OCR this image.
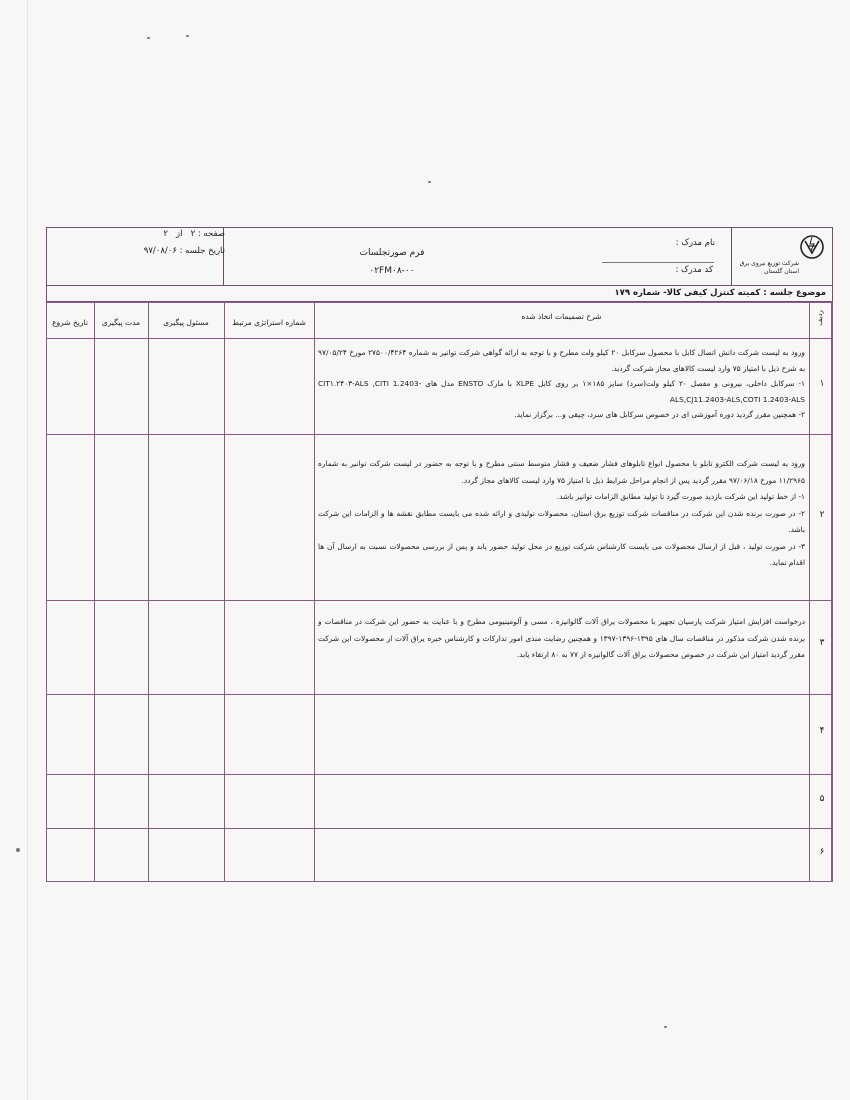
شرکت توزیع نیروی برق استان گلستان
نام مدرک :
کد مدرک :
فرم صورتجلسات
۰۲FM۰۸-۰۰
صفحه : ۲   از   ۲
تاریخ جلسه : ۹۷/۰۸/۰۶
موضوع جلسه : کمیته کنترل کیفی کالا- شماره ۱۷۹
ردیف
شرح تصمیمات اتخاذ شده
شماره استراتژی مرتبط
مسئول پیگیری
مدت پیگیری
تاریخ شروع
۱

ورود به لیست شرکت دانش اتصال کابل با محصول سرکابل ۲۰ کیلو ولت مطرح و با توجه به ارائه گواهی شرکت توانیر به شماره ۲۷۵۰۰/۴۲۶۴ مورخ ۹۷/۰۵/۲۴ به شرح ذیل با امتیاز ۷۵ وارد لیست کالاهای مجاز شرکت گردید.

۱- سرکابل داخلی، بیرونی و مفصل ۲۰ کیلو ولت(سرد) سایز ۱۸۵×۱ بر روی کابل XLPE با مارک ENSTO مدل های CIT۱.۲۴۰۳-ALS ,CITI 1.2403-ALS,CJ11.2403-ALS,COTI 1.2403-ALS

۲- همچنین مقرر گردید دوره آموزشی ای در خصوص سرکابل های سرد، چیقی و... برگزار نماید.

۲

ورود به لیست شرکت الکترو تابلو با محصول انواع تابلوهای فشار ضعیف و فشار متوسط سنتی مطرح و با توجه به حضور در لیست شرکت توانیر به شماره ۱۱/۲۹۶۵ مورخ ۹۷/۰۶/۱۸ مقرر گردید پس از انجام مراحل شرایط ذیل با امتیاز ۷۵ وارد لیست کالاهای مجاز گردد.

۱- از خط تولید این شرکت بازدید صورت گیرد تا تولید مطابق الزامات توانیر باشد.

۲- در صورت برنده شدن این شرکت در مناقصات شرکت توزیع برق استان، محصولات تولیدی و ارائه شده می بایست مطابق نقشه ها و الزامات این شرکت باشد.

۳- در صورت تولید ، قبل از ارسال محصولات می بایست کارشناس شرکت توزیع در محل تولید حضور یابد و پس از بررسی محصولات نسبت به ارسال آن ها اقدام نماید.

۳

درخواست افزایش امتیاز شرکت پارسیان تجهیز با محصولات یراق آلات گالوانیزه ، مسی و آلومینیومی مطرح و با عنایت به حضور این شرکت در مناقصات و برنده شدن شرکت مذکور در مناقصات سال های ۱۳۹۵-۱۳۹۶-۱۳۹۷ و همچنین رضایت مندی امور تدارکات و کارشناس خبره یراق آلات از محصولات این شرکت مقرر گردید امتیاز این شرکت در خصوص محصولات یراق آلات گالوانیزه از ۷۷ به ۸۰ ارتقاء یابد.

۴
۵
۶
